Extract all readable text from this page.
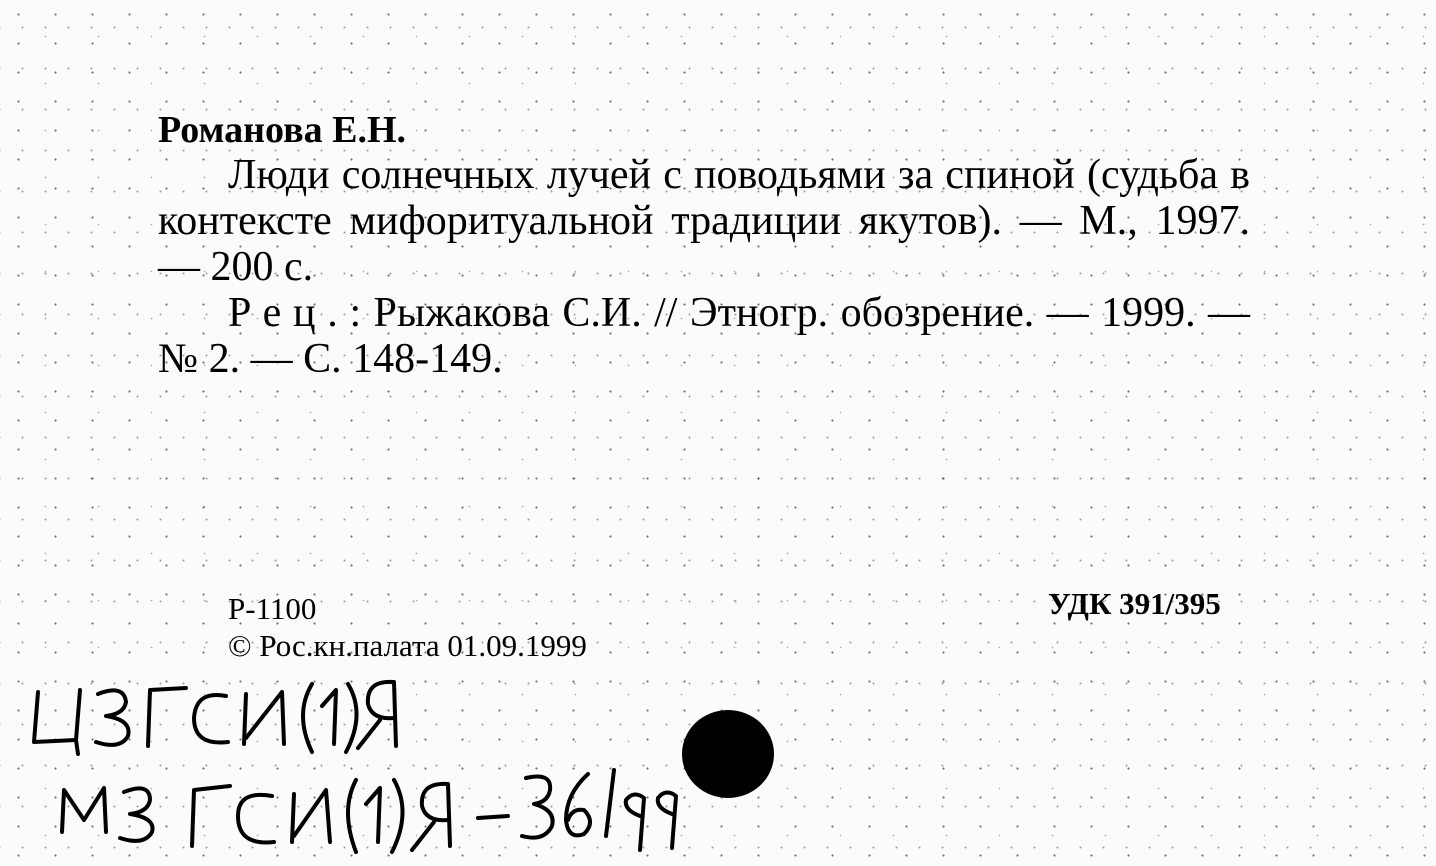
Романова Е.Н.
Люди солнечных лучей с поводьями за спиной (судьба в контексте мифоритуальной традиции якутов). — М., 1997. — 200 с.
Рец.: Рыжакова С.И. // Этногр. обозрение. — 1999. — № 2. — С. 148-149.
Р-1100	УДК 391/395
© Рос.кн.палата 01.09.1999
